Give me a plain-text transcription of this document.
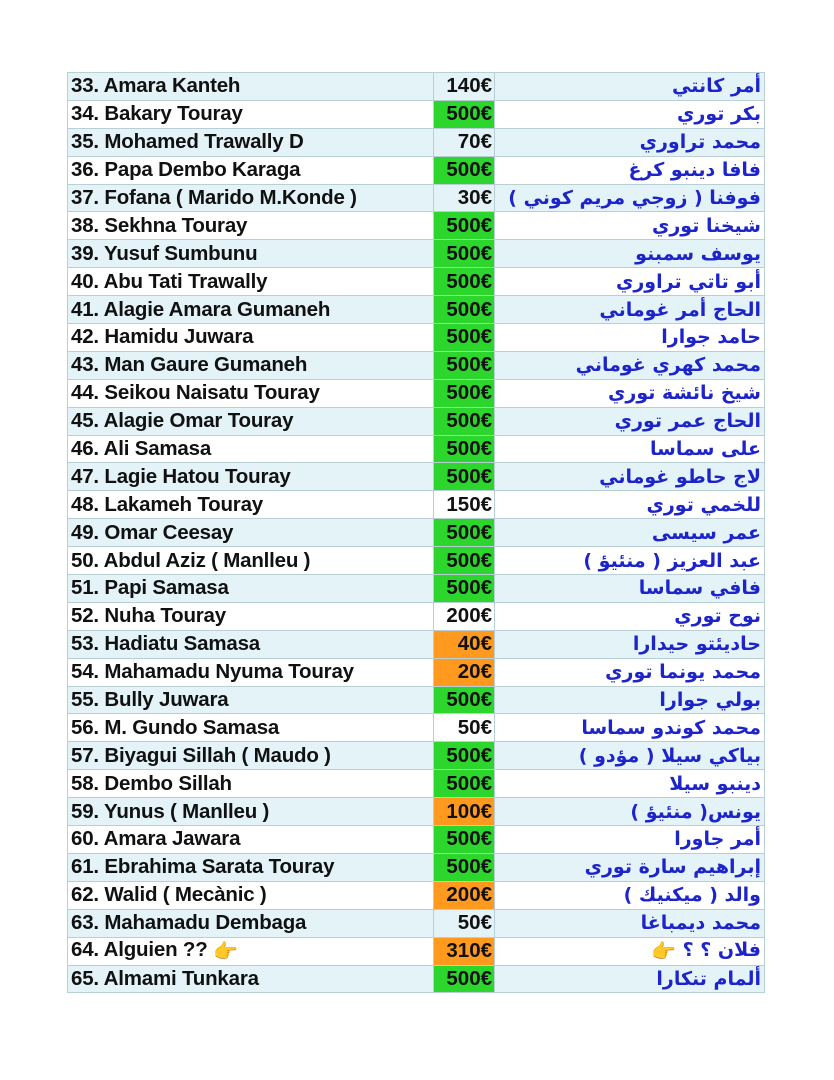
33. Amara Kanteh	140€	أمر كانتي
34. Bakary Touray	500€	بكر توري
35. Mohamed Trawally D	70€	محمد تراوري
36. Papa Dembo Karaga	500€	فافا دينبو كرغ
37. Fofana ( Marido M.Konde )	30€	فوفنا ( زوجي مريم كوني )
38. Sekhna Touray	500€	شيخنا توري
39. Yusuf Sumbunu	500€	يوسف سمبنو
40. Abu Tati Trawally	500€	أبو تاتي تراوري
41. Alagie Amara Gumaneh	500€	الحاج أمر غوماني
42. Hamidu Juwara	500€	حامد جوارا
43. Man Gaure Gumaneh	500€	محمد كهري غوماني
44. Seikou Naisatu Touray	500€	شيخ نائشة توري
45. Alagie Omar Touray	500€	الحاج عمر توري
46. Ali Samasa	500€	على سماسا
47. Lagie Hatou Touray	500€	لاج حاطو غوماني
48. Lakameh Touray	150€	للخمي توري
49. Omar Ceesay	500€	عمر سيسى
50. Abdul Aziz ( Manlleu )	500€	عبد العزيز ( منئيؤ )
51. Papi Samasa	500€	فافي سماسا
52. Nuha Touray	200€	نوح توري
53. Hadiatu Samasa	40€	حاديئتو حيدارا
54. Mahamadu Nyuma Touray	20€	محمد يونما توري
55. Bully Juwara	500€	بولي جوارا
56. M. Gundo Samasa	50€	محمد كوندو سماسا
57. Biyagui Sillah ( Maudo )	500€	بياكي سيلا ( مؤدو )
58. Dembo Sillah	500€	دينبو سيلا
59. Yunus ( Manlleu )	100€	يونس( منئيؤ )
60. Amara Jawara	500€	أمر جاورا
61. Ebrahima Sarata Touray	500€	إبراهيم سارة توري
62. Walid ( Mecànic )	200€	والد ( ميكنيك )
63. Mahamadu Dembaga	50€	محمد ديمباغا
64. Alguien ?? 👉	310€	فلان ؟ ؟ 👉
65. Almami Tunkara	500€	ألمام تنكارا
